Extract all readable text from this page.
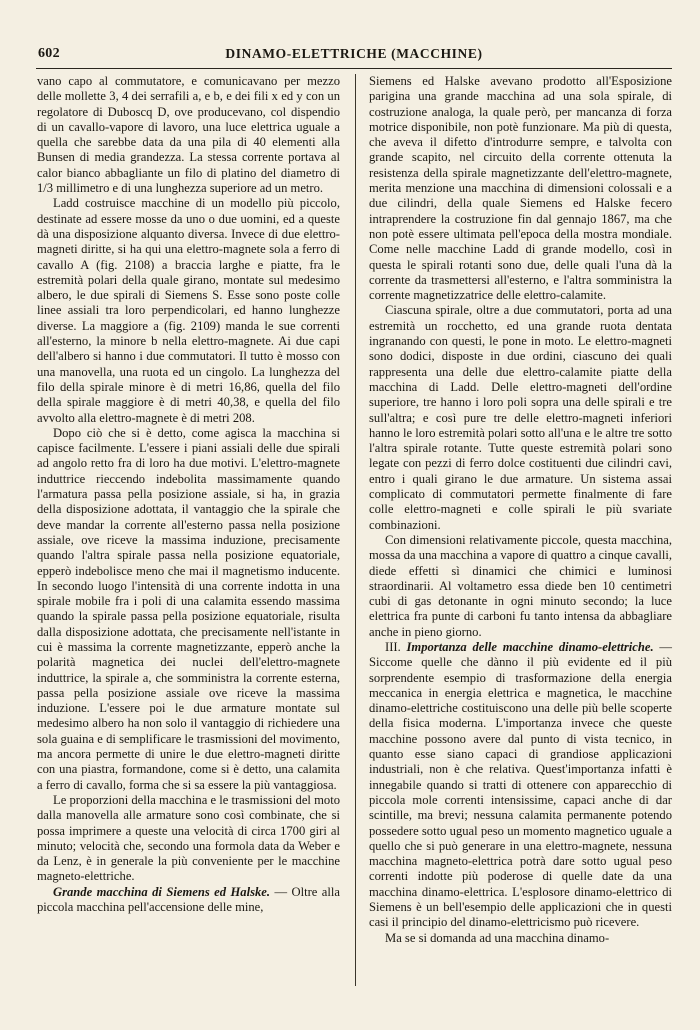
602	DINAMO-ELETTRICHE (MACCHINE)

vano capo al commutatore, e comunicavano per mezzo delle mollette 3, 4 dei serrafili a, e b, e dei fili x ed y con un regolatore di Duboscq D, ove producevano, col dispendio di un cavallo-vapore di lavoro, una luce elettrica uguale a quella che sarebbe data da una pila di 40 elementi alla Bunsen di media grandezza. La stessa corrente portava al calor bianco abbagliante un filo di platino del diametro di 1/3 millimetro e di una lunghezza superiore ad un metro.

Ladd costruisce macchine di un modello più piccolo, destinate ad essere mosse da uno o due uomini, ed a queste dà una disposizione alquanto diversa. Invece di due elettro-magneti diritte, si ha qui una elettro-magnete sola a ferro di cavallo A (fig. 2108) a braccia larghe e piatte, fra le estremità polari della quale girano, montate sul medesimo albero, le due spirali di Siemens S. Esse sono poste colle linee assiali tra loro perpendicolari, ed hanno lunghezze diverse. La maggiore a (fig. 2109) manda le sue correnti all'esterno, la minore b nella elettro-magnete. Ai due capi dell'albero si hanno i due commutatori. Il tutto è mosso con una manovella, una ruota ed un cingolo. La lunghezza del filo della spirale minore è di metri 16,86, quella del filo della spirale maggiore è di metri 40,38, e quella del filo avvolto alla elettro-magnete è di metri 208.

Dopo ciò che si è detto, come agisca la macchina si capisce facilmente. L'essere i piani assiali delle due spirali ad angolo retto fra di loro ha due motivi. L'elettro-magnete induttrice rieccendo indebolita massimamente quando l'armatura passa pella posizione assiale, si ha, in grazia della disposizione adottata, il vantaggio che la spirale che deve mandar la corrente all'esterno passa nella posizione assiale, ove riceve la massima induzione, precisamente quando l'altra spirale passa nella posizione equatoriale, epperò indebolisce meno che mai il magnetismo inducente. In secondo luogo l'intensità di una corrente indotta in una spirale mobile fra i poli di una calamita essendo massima quando la spirale passa pella posizione equatoriale, risulta dalla disposizione adottata, che precisamente nell'istante in cui è massima la corrente magnetizzante, epperò anche la polarità magnetica dei nuclei dell'elettro-magnete induttrice, la spirale a, che somministra la corrente esterna, passa pella posizione assiale ove riceve la massima induzione. L'essere poi le due armature montate sul medesimo albero ha non solo il vantaggio di richiedere una sola guaina e di semplificare le trasmissioni del movimento, ma ancora permette di unire le due elettro-magneti diritte con una piastra, formandone, come si è detto, una calamita a ferro di cavallo, forma che si sa essere la più vantaggiosa.

Le proporzioni della macchina e le trasmissioni del moto dalla manovella alle armature sono così combinate, che si possa imprimere a queste una velocità di circa 1700 giri al minuto; velocità che, secondo una formola data da Weber e da Lenz, è in generale la più conveniente per le macchine magneto-elettriche.

Grande macchina di Siemens ed Halske. — Oltre alla piccola macchina pell'accensione delle mine,

Siemens ed Halske avevano prodotto all'Esposizione parigina una grande macchina ad una sola spirale, di costruzione analoga, la quale però, per mancanza di forza motrice disponibile, non potè funzionare. Ma più di questa, che aveva il difetto d'introdurre sempre, e talvolta con grande scapito, nel circuito della corrente ottenuta la resistenza della spirale magnetizzante dell'elettro-magnete, merita menzione una macchina di dimensioni colossali e a due cilindri, della quale Siemens ed Halske fecero intraprendere la costruzione fin dal gennajo 1867, ma che non potè essere ultimata pell'epoca della mostra mondiale. Come nelle macchine Ladd di grande modello, così in questa le spirali rotanti sono due, delle quali l'una dà la corrente da trasmettersi all'esterno, e l'altra somministra la corrente magnetizzatrice delle elettro-calamite.

Ciascuna spirale, oltre a due commutatori, porta ad una estremità un rocchetto, ed una grande ruota dentata ingranando con questi, le pone in moto. Le elettro-magneti sono dodici, disposte in due ordini, ciascuno dei quali rappresenta una delle due elettro-calamite piatte della macchina di Ladd. Delle elettro-magneti dell'ordine superiore, tre hanno i loro poli sopra una delle spirali e tre sull'altra; e così pure tre delle elettro-magneti inferiori hanno le loro estremità polari sotto all'una e le altre tre sotto l'altra spirale rotante. Tutte queste estremità polari sono legate con pezzi di ferro dolce costituenti due cilindri cavi, entro i quali girano le due armature. Un sistema assai complicato di commutatori permette finalmente di fare colle elettro-magneti e colle spirali le più svariate combinazioni.

Con dimensioni relativamente piccole, questa macchina, mossa da una macchina a vapore di quattro a cinque cavalli, diede effetti sì dinamici che chimici e luminosi straordinarii. Al voltametro essa diede ben 10 centimetri cubi di gas detonante in ogni minuto secondo; la luce elettrica fra punte di carboni fu tanto intensa da abbagliare anche in pieno giorno.

III. Importanza delle macchine dinamo-elettriche. — Siccome quelle che dànno il più evidente ed il più sorprendente esempio di trasformazione della energia meccanica in energia elettrica e magnetica, le macchine dinamo-elettriche costituiscono una delle più belle scoperte della fisica moderna. L'importanza invece che queste macchine possono avere dal punto di vista tecnico, in quanto esse siano capaci di grandiose applicazioni industriali, non è che relativa. Quest'importanza infatti è innegabile quando si tratti di ottenere con apparecchio di piccola mole correnti intensissime, capaci anche di dar scintille, ma brevi; nessuna calamita permanente potendo possedere sotto ugual peso un momento magnetico uguale a quello che si può generare in una elettro-magnete, nessuna macchina magneto-elettrica potrà dare sotto ugual peso correnti indotte più poderose di quelle date da una macchina dinamo-elettrica. L'esplosore dinamo-elettrico di Siemens è un bell'esempio delle applicazioni che in questi casi il principio del dinamo-elettricismo può ricevere.

Ma se si domanda ad una macchina dinamo-
